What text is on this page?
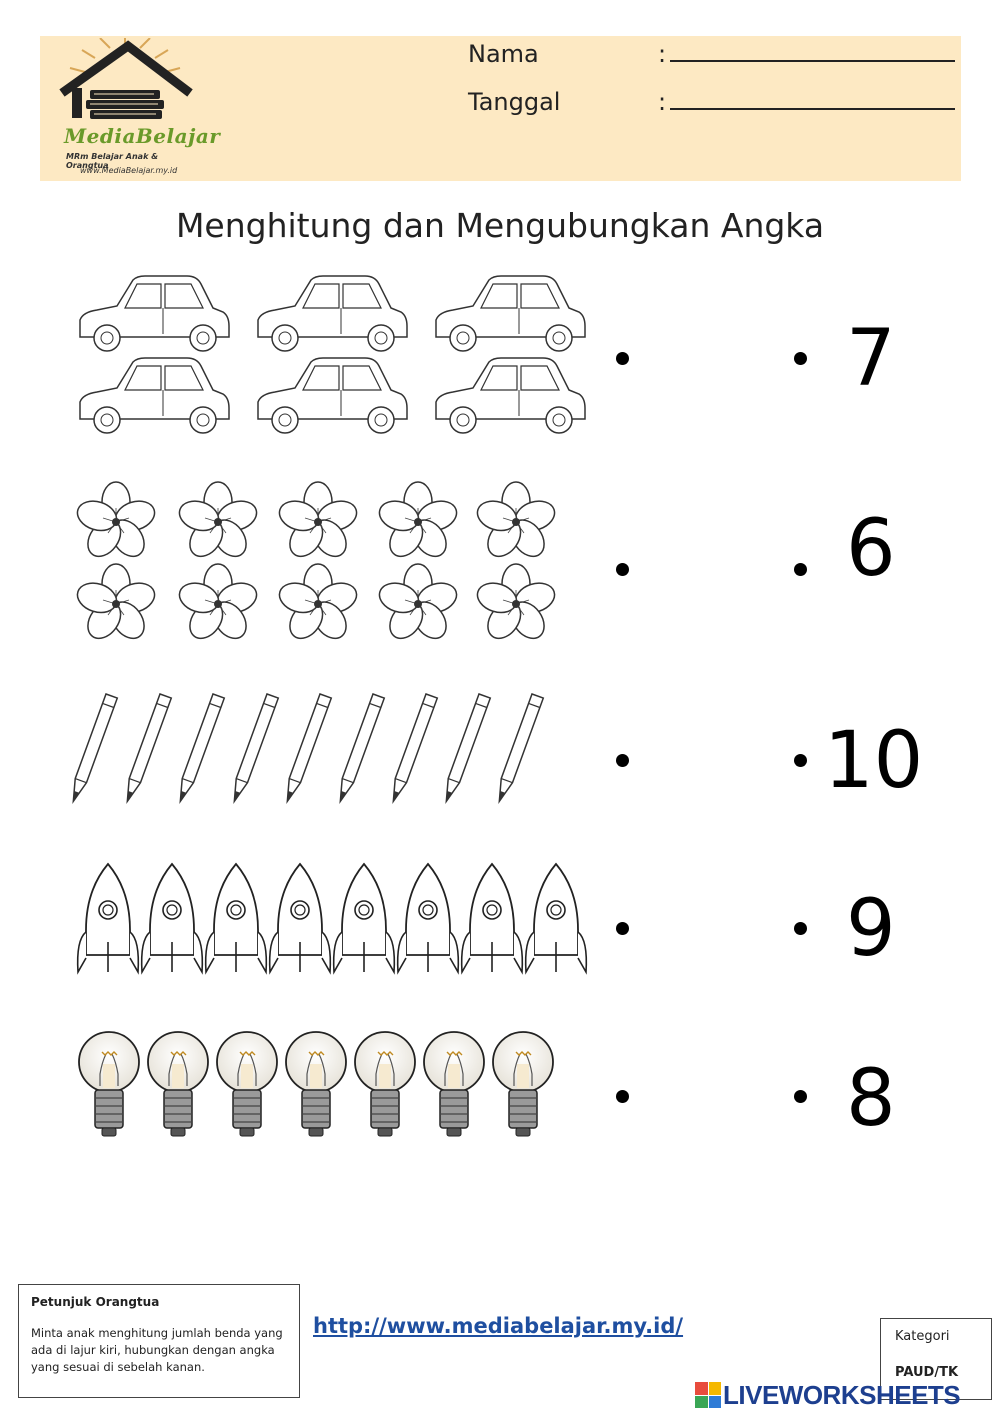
MediaBelajar
MRm Belajar Anak & Orangtua
www.MediaBelajar.my.id
Nama	:
Tanggal	:
Menghitung dan Mengubungkan Angka
7
6
10
9
8
Petunjuk Orangtua
Minta anak menghitung jumlah benda yang ada di lajur kiri, hubungkan dengan angka yang sesuai di sebelah kanan.
http://www.mediabelajar.my.id/	Kategori
PAUD/TK
LIVEWORKSHEETS
